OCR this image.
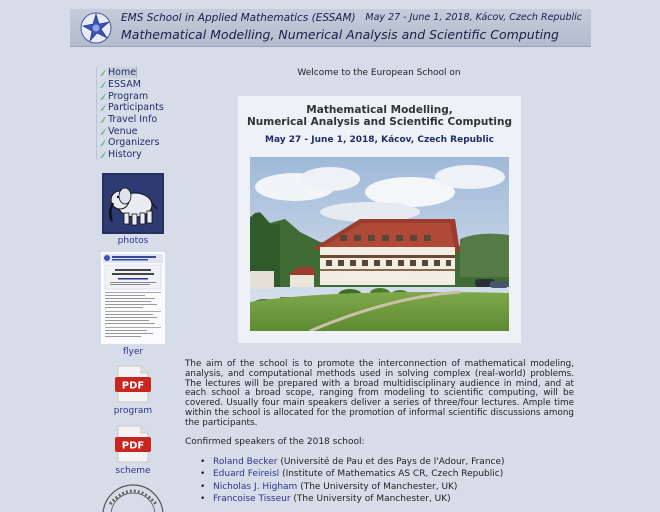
EMS School in Applied Mathematics (ESSAM) May 27 - June 1, 2018, Kácov, Czech Republic
Mathematical Modelling, Numerical Analysis and Scientific Computing
Home
ESSAM
Program
Participants
Travel Info
Venue
Organizers
History
photos
flyer
PDF
program
PDF
scheme
Welcome to the European School on
Mathematical Modelling,
Numerical Analysis and Scientific Computing
May 27 - June 1, 2018, Kácov, Czech Republic
The aim of the school is to promote the interconnection of mathematical modeling, analysis, and computational methods used in solving complex (real-world) problems. The lectures will be prepared with a broad multidisciplinary audience in mind, and at each school a broad scope, ranging from modeling to scientific computing, will be covered. Usually four main speakers deliver a series of three/four lectures. Ample time within the school is allocated for the promotion of informal scientific discussions among the participants.
Confirmed speakers of the 2018 school:
• Roland Becker (Université de Pau et des Pays de l'Adour, France)
• Eduard Feireisl (Institute of Mathematics AS CR, Czech Republic)
• Nicholas J. Higham (The University of Manchester, UK)
• Francoise Tisseur (The University of Manchester, UK)
